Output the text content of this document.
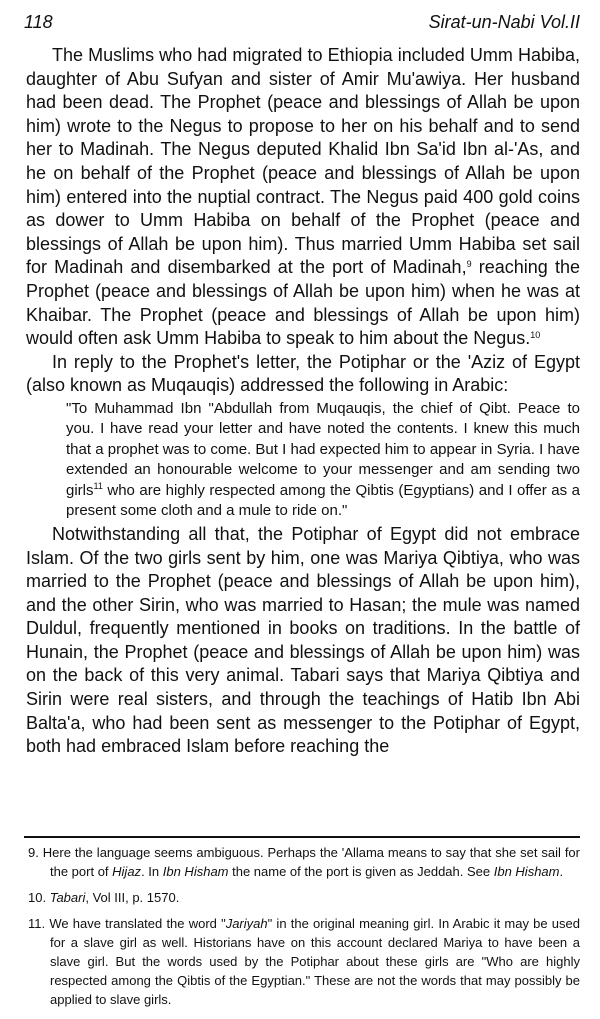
118	Sirat-un-Nabi Vol.II

The Muslims who had migrated to Ethiopia included Umm Habiba, daughter of Abu Sufyan and sister of Amir Mu'awiya. Her husband had been dead. The Prophet (peace and blessings of Allah be upon him) wrote to the Negus to propose to her on his behalf and to send her to Madinah. The Negus deputed Khalid Ibn Sa'id Ibn al-'As, and he on behalf of the Prophet (peace and blessings of Allah be upon him) entered into the nuptial contract. The Negus paid 400 gold coins as dower to Umm Habiba on behalf of the Prophet (peace and blessings of Allah be upon him). Thus married Umm Habiba set sail for Madinah and disembarked at the port of Madinah,$^9$ reaching the Prophet (peace and blessings of Allah be upon him) when he was at Khaibar. The Prophet (peace and blessings of Allah be upon him) would often ask Umm Habiba to speak to him about the Negus.$^{10}$

In reply to the Prophet's letter, the Potiphar or the 'Aziz of Egypt (also known as Muqauqis) addressed the following in Arabic:

"To Muhammad Ibn "Abdullah from Muqauqis, the chief of Qibt. Peace to you. I have read your letter and have noted the contents. I knew this much that a prophet was to come. But I had expected him to appear in Syria. I have extended an honourable welcome to your messenger and am sending two girls$^{11}$ who are highly respected among the Qibtis (Egyptians) and I offer as a present some cloth and a mule to ride on."

Notwithstanding all that, the Potiphar of Egypt did not embrace Islam. Of the two girls sent by him, one was Mariya Qibtiya, who was married to the Prophet (peace and blessings of Allah be upon him), and the other Sirin, who was married to Hasan; the mule was named Duldul, frequently mentioned in books on traditions. In the battle of Hunain, the Prophet (peace and blessings of Allah be upon him) was on the back of this very animal. Tabari says that Mariya Qibtiya and Sirin were real sisters, and through the teachings of Hatib Ibn Abi Balta'a, who had been sent as messenger to the Potiphar of Egypt, both had embraced Islam before reaching the

9. Here the language seems ambiguous. Perhaps the 'Allama means to say that she set sail for the port of Hijaz. In Ibn Hisham the name of the port is given as Jeddah. See Ibn Hisham.

10. Tabari, Vol III, p. 1570.

11. We have translated the word "Jariyah" in the original meaning girl. In Arabic it may be used for a slave girl as well. Historians have on this account declared Mariya to have been a slave girl. But the words used by the Potiphar about these girls are "Who are highly respected among the Qibtis of the Egyptian." These are not the words that may possibly be applied to slave girls.
